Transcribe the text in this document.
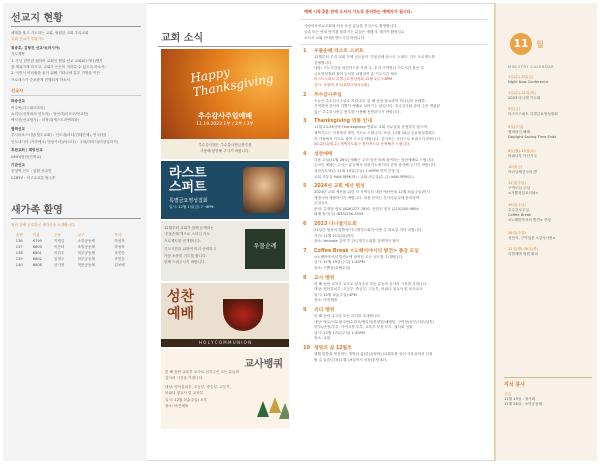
선교지 현황
세계를 품고 기도하는 교회, 영원한 교회 우리교회
교회 선교사 후원기도
취송호, 김형진 선교사(러시아)
기도제목
1. 우닌 한민한 원하려 교회인 협업 선교 교회와 (야다)엔가
을 세워지게 하시고, 교회가 든든히 자라갈 수 있도록 하소서.
2. 국민식 여러불을 돕기 위해 기타녀에 분부 가방을 이끈
프로세스가 순조롭게 진행되게 하소서.
선교사
파송선교
여주빈(더스피리츠턴)
쇼리트(신장대지 인도자) : 엄선대(마르오/선교팀)
백사진(선교팀사) : 의정리(케스트라밴리파)
협력선교
우사의보스티턴(팀도교회) : 인도내(마티/김태단체), 연국(팀)
인도네시아 (기하에오) 만장카마)(아르다) : 국내/아라식(미상일하기)
후원교회 | 희망선교
GMO(팀단/지혁교)
기관선교
공영역 인도 : 일환 선교단
CCBYV : 의고교교통 합주종
새가족 환영
지난 주에 등록하신 새가족을 소개합니다.
	순번	이름	공동	교구	목사
	136	6799	이재길	소망공동체	하성북
	137	6800	이은비	소망공동체	하성북
	138	6801	이한우	북부공동체	조민승
	139	6802	임정주	북부공동체	조민승
	140	6806	한가현	북문공동체	김보배
교회 소식
Happy Thanksgiving
추수감사주일예배
11.19.2023 1부 / 2부 / 3부
추수감사절은 추수감사헌금봉투를
사용해 봉헌해 주시기 바랍니다.
라스트
스퍼트
특별금요영성집회
일시: 12월 1일(금) 7~8PM
12월부터 교회가 함께 듣게되는
'우물순례'책으로 스터디 기도
프로젝트를 전개합니다.
기도시간을 위하여 미리 준비하고
가장 소중한 기도를 합니다.
함께 드려주시기 바랍니다.
우물순례
성찬
예배
H O L Y C O M M U N I O N
교사뱅쿼
한 해 동안 교육부 교사로 섬겨주신 모든 분들과
감사의 시간을 가집니다.
대상: 영아유치부, 초등부, 중등부, 고등부,
어와나 청교사 및 교육부
일시: 12월 3일(주일) 오후
장소: 비전채플
예배 시작 5분 전에 오셔서 기도로 준비하는 예배자가 됩시다.
사랑의보선교교회에 처음 오신 분들을 진심으로 환영합니다.
등록 또는 안내 받기를 원하시는 분들은 예배 후 새가족 환영실로
오셔서 교회 안내를 받으시길 바랍니다.
1 우물순례 라스트 스퍼트
12월부터 우리 교회 전체 성도들이 '우물순례 라스트 스퍼트' 기도 프로젝트를
진행합니다.
내용: 기도시간을 마련하드를 가져 주, 우리 구역별과 기도시간 참선 및
금요영성집회 참여 등서를 위협하여 총 기도시간 제조
라스트스퍼트 특별금요영성집회 12월 1일 7-8PM
강사: 우림에 저사(희망사랑의교회)
2 추수감사주일
오늘은 추수감사주일로 지킵니다. 한 해 동안 풍요하여 하나님의 은혜를
기억하며 감사의 기쁨이 예배로 나아가는 날입니다. 추수감사와 관련 주문 연관된
있는 추수감사헌금 봉투를 사용해 봉헌하시기 바랍니다.
3 Thanksgiving 연휴 안내
11월 23-26일에 Thanksgiving 연휴로 교회 사무실을 운영하지 않으며,
새벽기도는 가정에서 개인 기도로 드립니다. 또한, 11월 24일 금요영성집회는
각 가정에서 기도로 참여 주시길 바랍니다. 감사하는 시간으로 보내시기 바랍니다.
20-22일(월-수) 새벽기도회는 정삭적으로 운영해서 드립니다.
4 성찬예배
다음 주일(11월 26일) 예배는 주의 성찬 의례 참여하는 성찬예배로 드립니다.
온라인 예배는 주서는 분들께서 성찬키트에 미리 준비 참석해 주시기 바랍니다.
성찬키트픽업: 11월 19일(주일) 1:30PM 까지 본당 앞,
교회 사무실 9AM-5PM(화) / 교회 사무실(수-금) 9AM-5PM(토)
5 2024년 교회 예산 편성
2024년 교회 예산을 위한 각 사역국의 내년 예산안을 12월 3일(주일)까지
재정국에 제출하시기 바랍니다. 내용 문의는 간사사무실에 문의하여
주십시오.
문의: 추재정 장로 (626)277-7697, 문한모 집사 (213)200-9694
회계 장사(주) (833)236-3555
6 2023 다니엘기도회
21일간 영성의 말씀에 다니엘기도회가 이번 주 화요일 저녁 마칩니다.
기간: 11월 21일(화)까지
장소: Youtube 검색 후 다니엘기도회를 검색하여 참여
7 Coffee Break <노헤미야서의 발견> 종강 모임
<노헤미야서의 발견>에 참여한 모든 성도를 초대합니다.
일시: 11월 19일(주일) 1:30PM
장소: 기쁨홀(호텔우설)
8 교사 뱅쿼
한 해 동안 교육부 교사로 섬겨주신 모든 분들과 감사의 시간을 가집니다.
대상: 영아유치부, 초등부, 중등부, 고등부, 어와나 청교사 및 보조교사
일시: 12월 3일(주일) 4PM
장소: 비전채플
9 리더 뱅쿼
한 해 동안 수고한 모든 리더를 초대합니다.
대상: 장로/시무권사/안수집사/셀리더/찬양팀/예배팀, 구역장(동부/서부/남부/
북부)/순장/부부, 사역국장 부부, 교육부 부장 부부, 권사회 임원
일시: 12월 17일(주일) 1:30PM
장소: 교회
10 생명의 삶 12월호
매월 말씀을 묵상하는 생명의 삶(한글/영어) 12월호를 선어 사무실에서 신청
할 수 있습니다(11월 19일까지 신청(본당 $7).
11 월
MINISTRY CALENDAR
1일(수)-3일(금)
Night Now Conference
1일(수)-21일(화)
2023 다니엘 기도회
3일(금)
라스트스퍼트 특별금요영성집회
5일(주일)
썸머타임 해제
Daylight Saving Time Ends
6일(월)-15일(수)
어와나부 다인기도
10일(금)
하나님께감사의 밤
12일(주일)
구역모임 주일
<기쁨과친교의날>
19일(주일)
추수감사주일,
Coffee Break
<노헤미야서의 발견> 종강
26일(주일)
성찬식, 구약입문 <강사사랑>
27일(월)-30일(목)
특별새벽 영원 회의
직석 봉사
주일
11월 19일 : 권사회
11월 26일 : 소망공동체
